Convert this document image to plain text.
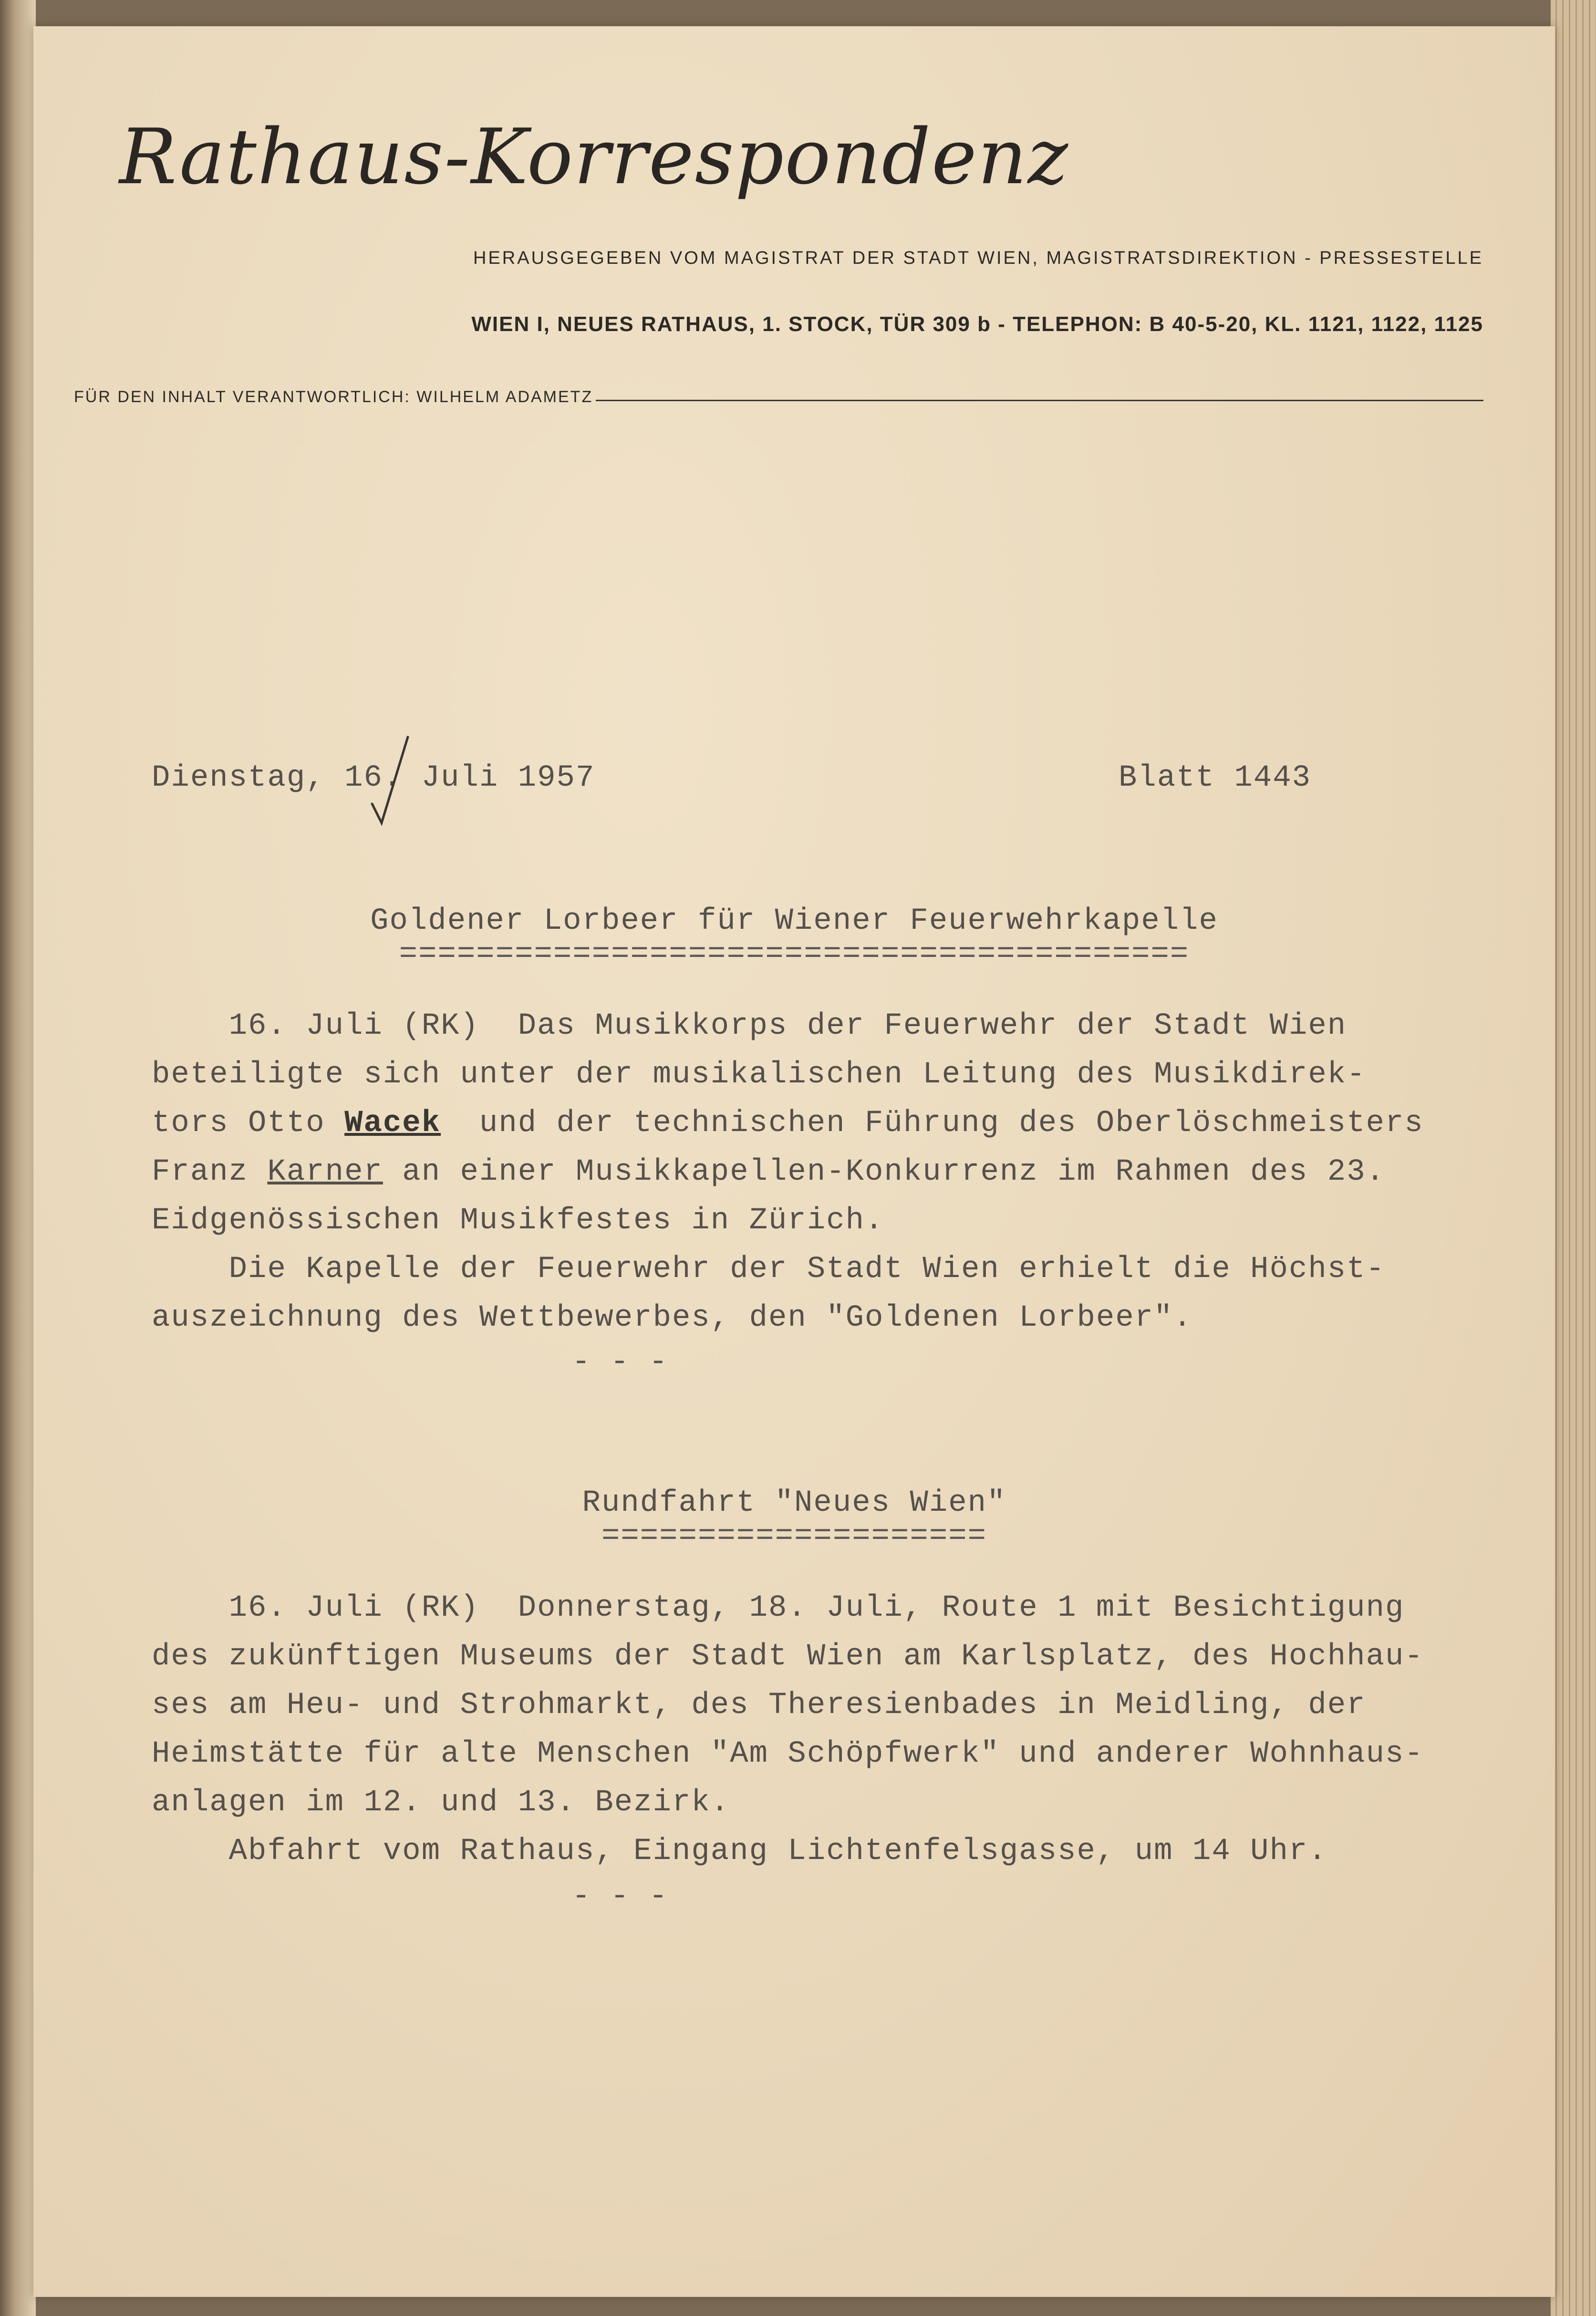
Rathaus-Korrespondenz
HERAUSGEGEBEN VOM MAGISTRAT DER STADT WIEN, MAGISTRATSDIREKTION - PRESSESTELLE
WIEN I, NEUES RATHAUS, 1. STOCK, TÜR 309 b - TELEPHON: B 40-5-20, KL. 1121, 1122, 1125
FÜR DEN INHALT VERANTWORTLICH: WILHELM ADAMETZ
Dienstag, 16. Juli 1957	Blatt 1443
Goldener Lorbeer für Wiener Feuerwehrkapelle
=========================================
16. Juli (RK)  Das Musikkorps der Feuerwehr der Stadt Wien
beteiligte sich unter der musikalischen Leitung des Musikdirek-
tors Otto Wacek  und der technischen Führung des Oberlöschmeisters
Franz Karner an einer Musikkapellen-Konkurrenz im Rahmen des 23.
Eidgenössischen Musikfestes in Zürich.
Die Kapelle der Feuerwehr der Stadt Wien erhielt die Höchst-
auszeichnung des Wettbewerbes, den "Goldenen Lorbeer".
- - -
Rundfahrt "Neues Wien"
====================
16. Juli (RK)  Donnerstag, 18. Juli, Route 1 mit Besichtigung
des zukünftigen Museums der Stadt Wien am Karlsplatz, des Hochhau-
ses am Heu- und Strohmarkt, des Theresienbades in Meidling, der
Heimstätte für alte Menschen "Am Schöpfwerk" und anderer Wohnhaus-
anlagen im 12. und 13. Bezirk.
Abfahrt vom Rathaus, Eingang Lichtenfelsgasse, um 14 Uhr.
- - -
